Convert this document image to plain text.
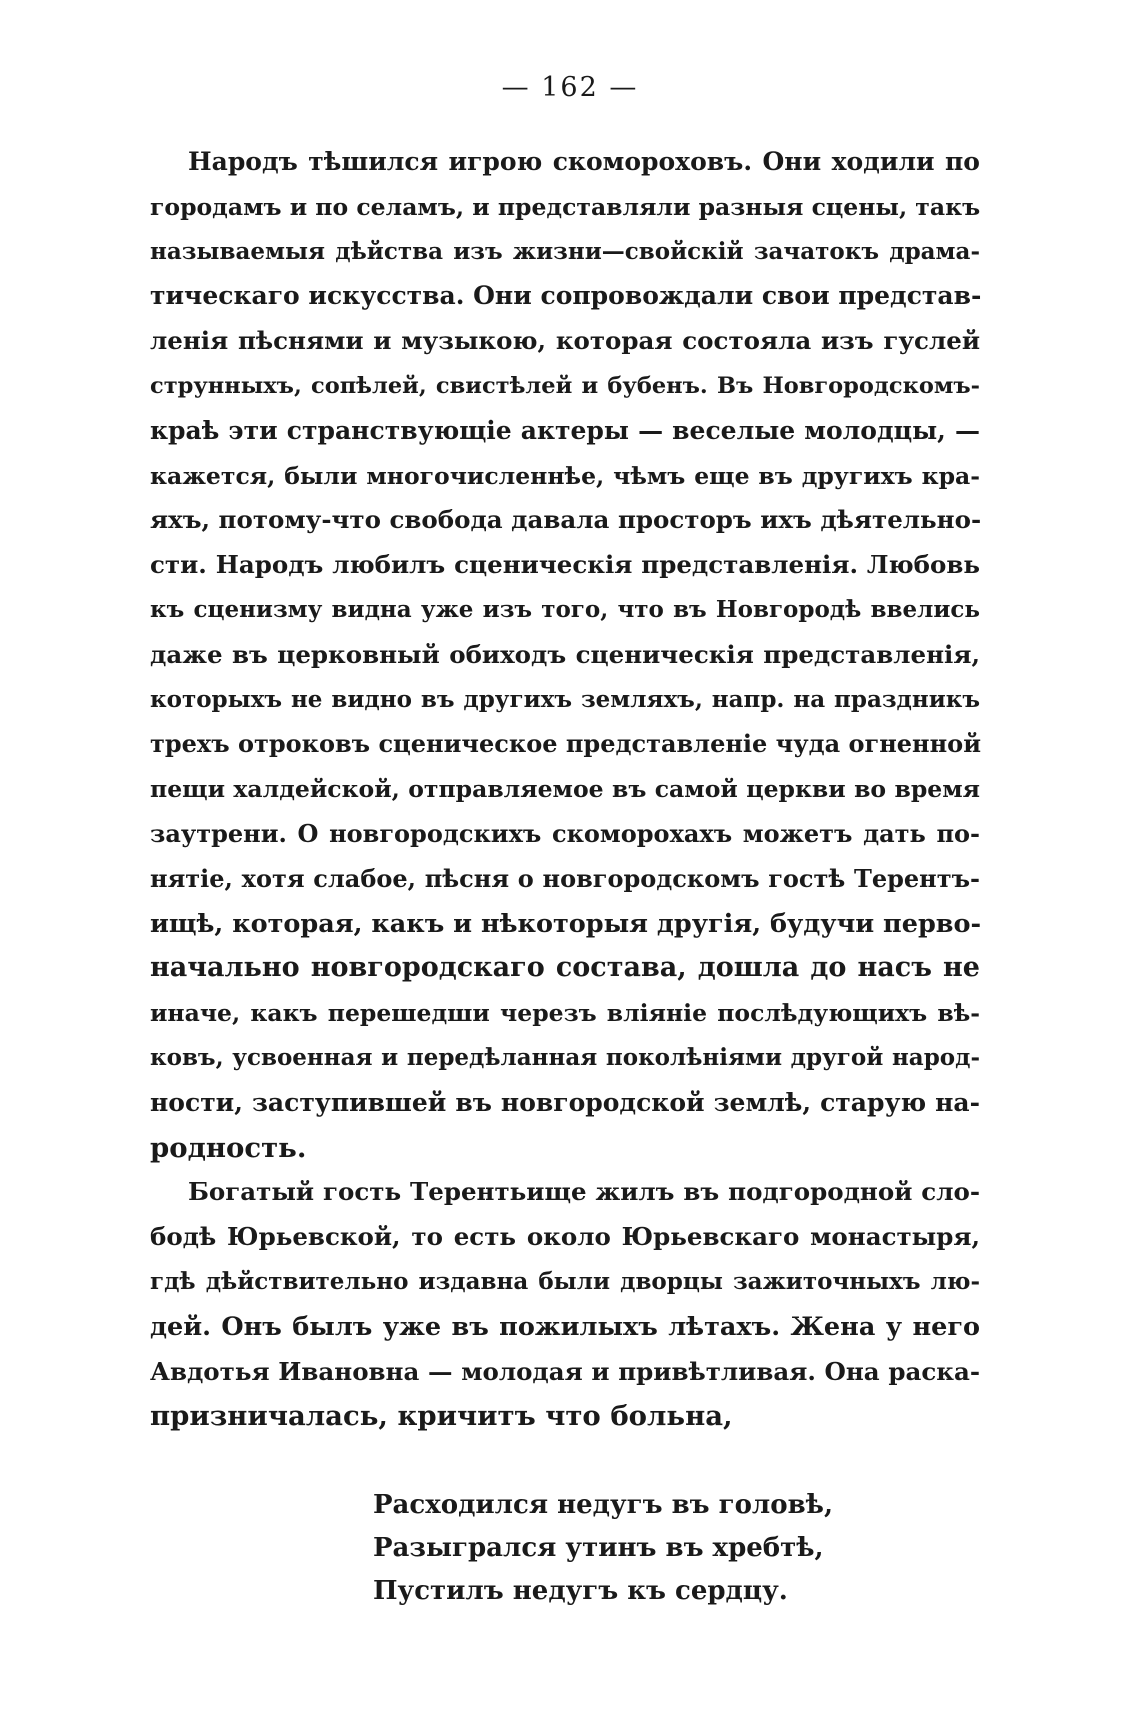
— 162 —
Народъ тѣшился игрою скомороховъ. Они ходили по
городамъ и по селамъ, и представляли разныя сцены, такъ
называемыя дѣйства изъ жизни—свойскій зачатокъ драма-
тическаго искусства. Они сопровождали свои представ-
ленія пѣснями и музыкою, которая состояла изъ гуслей
струнныхъ, сопѣлей, свистѣлей и бубенъ. Въ Новгородскомъ-
краѣ эти странствующіе актеры — веселые молодцы, —
кажется, были многочисленнѣе, чѣмъ еще въ другихъ кра-
яхъ, потому-что свобода давала просторъ ихъ дѣятельно-
сти. Народъ любилъ сценическія представленія. Любовь
къ сценизму видна уже изъ того, что въ Новгородѣ ввелись
даже въ церковный обиходъ сценическія представленія,
которыхъ не видно въ другихъ земляхъ, напр. на праздникъ
трехъ отроковъ сценическое представленіе чуда огненной
пещи халдейской, отправляемое въ самой церкви во время
заутрени. О новгородскихъ скоморохахъ можетъ дать по-
нятіе, хотя слабое, пѣсня о новгородскомъ гостѣ Терентъ-
ищѣ, которая, какъ и нѣкоторыя другія, будучи перво-
начально новгородскаго состава, дошла до насъ не
иначе, какъ перешедши черезъ вліяніе послѣдующихъ вѣ-
ковъ, усвоенная и передѣланная поколѣніями другой народ-
ности, заступившей въ новгородской землѣ, старую на-
родность.
Богатый гость Терентьище жилъ въ подгородной сло-
бодѣ Юрьевской, то есть около Юрьевскаго монастыря,
гдѣ дѣйствительно издавна были дворцы зажиточныхъ лю-
дей. Онъ былъ уже въ пожилыхъ лѣтахъ. Жена у него
Авдотья Ивановна — молодая и привѣтливая. Она раска-
призничалась, кричитъ что больна,
Расходился недугъ въ головѣ,
Разыгрался утинъ въ хребтѣ,
Пустилъ недугъ къ сердцу.
